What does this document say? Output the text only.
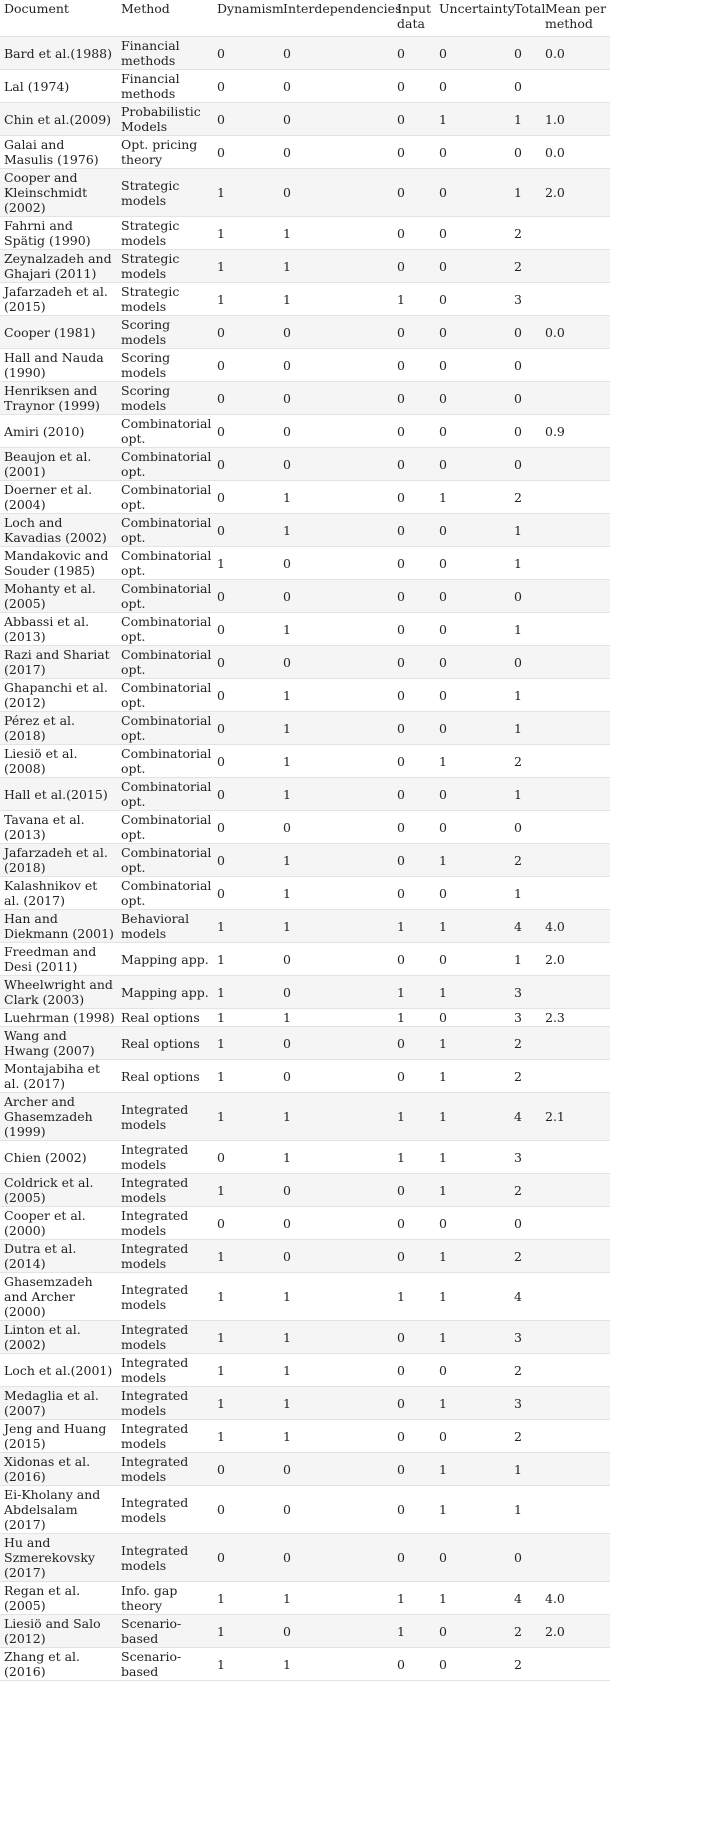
Document	Method	Dynamism	Interdependencies	Input data	Uncertainty	Total	Mean per method
Bard et al.(1988)	Financial methods	0	0	0	0	0	0.0
Lal (1974)	Financial methods	0	0	0	0	0	
Chin et al.(2009)	Probabilistic Models	0	0	0	1	1	1.0
Galai and Masulis (1976)	Opt. pricing theory	0	0	0	0	0	0.0
Cooper and Kleinschmidt (2002)	Strategic models	1	0	0	0	1	2.0
Fahrni and Spätig (1990)	Strategic models	1	1	0	0	2	
Zeynalzadeh and Ghajari (2011)	Strategic models	1	1	0	0	2	
Jafarzadeh et al. (2015)	Strategic models	1	1	1	0	3	
Cooper (1981)	Scoring models	0	0	0	0	0	0.0
Hall and Nauda (1990)	Scoring models	0	0	0	0	0	
Henriksen and Traynor (1999)	Scoring models	0	0	0	0	0	
Amiri (2010)	Combinatorial opt.	0	0	0	0	0	0.9
Beaujon et al. (2001)	Combinatorial opt.	0	0	0	0	0	
Doerner et al. (2004)	Combinatorial opt.	0	1	0	1	2	
Loch and Kavadias (2002)	Combinatorial opt.	0	1	0	0	1	
Mandakovic and Souder (1985)	Combinatorial opt.	1	0	0	0	1	
Mohanty et al. (2005)	Combinatorial opt.	0	0	0	0	0	
Abbassi et al. (2013)	Combinatorial opt.	0	1	0	0	1	
Razi and Shariat (2017)	Combinatorial opt.	0	0	0	0	0	
Ghapanchi et al. (2012)	Combinatorial opt.	0	1	0	0	1	
Pérez et al.(2018)	Combinatorial opt.	0	1	0	0	1	
Liesiö et al. (2008)	Combinatorial opt.	0	1	0	1	2	
Hall et al.(2015)	Combinatorial opt.	0	1	0	0	1	
Tavana et al. (2013)	Combinatorial opt.	0	0	0	0	0	
Jafarzadeh et al. (2018)	Combinatorial opt.	0	1	0	1	2	
Kalashnikov et al. (2017)	Combinatorial opt.	0	1	0	0	1	
Han and Diekmann (2001)	Behavioral models	1	1	1	1	4	4.0
Freedman and Desi (2011)	Mapping app.	1	0	0	0	1	2.0
Wheelwright and Clark (2003)	Mapping app.	1	0	1	1	3	
Luehrman (1998)	Real options	1	1	1	0	3	2.3
Wang and Hwang (2007)	Real options	1	0	0	1	2	
Montajabiha et al. (2017)	Real options	1	0	0	1	2	
Archer and Ghasemzadeh (1999)	Integrated models	1	1	1	1	4	2.1
Chien (2002)	Integrated models	0	1	1	1	3	
Coldrick et al. (2005)	Integrated models	1	0	0	1	2	
Cooper et al. (2000)	Integrated models	0	0	0	0	0	
Dutra et al. (2014)	Integrated models	1	0	0	1	2	
Ghasemzadeh and Archer (2000)	Integrated models	1	1	1	1	4	
Linton et al. (2002)	Integrated models	1	1	0	1	3	
Loch et al.(2001)	Integrated models	1	1	0	0	2	
Medaglia et al. (2007)	Integrated models	1	1	0	1	3	
Jeng and Huang (2015)	Integrated models	1	1	0	0	2	
Xidonas et al. (2016)	Integrated models	0	0	0	1	1	
Ei-Kholany and Abdelsalam (2017)	Integrated models	0	0	0	1	1	
Hu and Szmerekovsky (2017)	Integrated models	0	0	0	0	0	
Regan et al. (2005)	Info. gap theory	1	1	1	1	4	4.0
Liesiö and Salo (2012)	Scenario-based	1	0	1	0	2	2.0
Zhang et al. (2016)	Scenario-based	1	1	0	0	2	
